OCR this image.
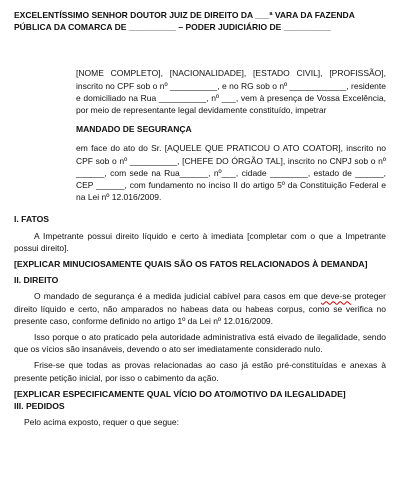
EXCELENTÍSSIMO SENHOR DOUTOR JUIZ DE DIREITO DA ___ª VARA DA FAZENDA

PÚBLICA DA COMARCA DE __________ – PODER JUDICIÁRIO DE __________

[NOME COMPLETO], [NACIONALIDADE], [ESTADO CIVIL], [PROFISSÃO], inscrito no CPF sob o nº __________, e no RG sob o nº ____________, residente e domiciliado na Rua __________, nº ___, vem à presença de Vossa Excelência, por meio de representante legal devidamente constituído, impetrar

MANDADO DE SEGURANÇA

em face do ato do Sr. [AQUELE QUE PRATICOU O ATO COATOR], inscrito no CPF sob o nº __________, [CHEFE DO ÓRGÃO TAL], inscrito no CNPJ sob o nº ______, com sede na Rua______, nº___, cidade ________, estado de ______, CEP ______, com fundamento no inciso II do artigo 5º da Constituição Federal e na Lei nº 12.016/2009.

I. FATOS

A Impetrante possui direito líquido e certo à imediata [completar com o que a Impetrante possui direito].

[EXPLICAR MINUCIOSAMENTE QUAIS SÃO OS FATOS RELACIONADOS À DEMANDA]

II. DIREITO

O mandado de segurança é a medida judicial cabível para casos em que deve-se proteger direito líquido e certo, não amparados no habeas data ou habeas corpus, como se verifica no presente caso, conforme definido no artigo 1º da Lei nº 12.016/2009.

Isso porque o ato praticado pela autoridade administrativa está eivado de ilegalidade, sendo que os vícios são insanáveis, devendo o ato ser imediatamente considerado nulo.

Frise-se que todas as provas relacionadas ao caso já estão pré-constituídas e anexas à presente petição inicial, por isso o cabimento da ação.

[EXPLICAR ESPECIFICAMENTE QUAL VÍCIO DO ATO/MOTIVO DA ILEGALIDADE]

III. PEDIDOS

Pelo acima exposto, requer o que segue:
